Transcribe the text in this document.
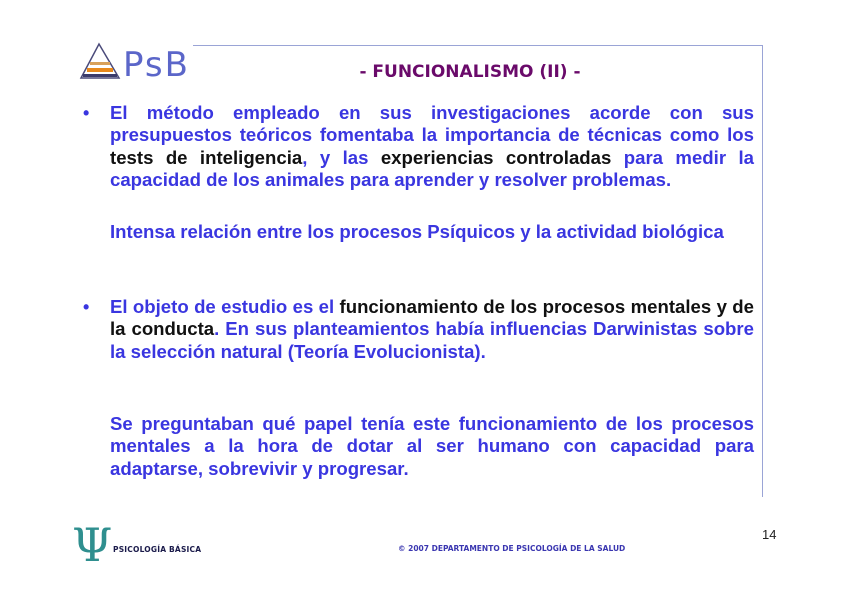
PsB	- FUNCIONALISMO (II) -
• El método empleado en sus investigaciones acorde con sus presupuestos teóricos fomentaba la importancia de técnicas como los tests de inteligencia, y las experiencias controladas para medir la capacidad de los animales para aprender y resolver problemas.

Intensa relación entre los procesos Psíquicos y la actividad biológica

• El objeto de estudio es el funcionamiento de los procesos mentales y de la conducta. En sus planteamientos había influencias Darwinistas sobre la selección natural (Teoría Evolucionista).

Se preguntaban qué papel tenía este funcionamiento de los procesos mentales a la hora de dotar al ser humano con capacidad para adaptarse, sobrevivir y progresar.

Ψ PSICOLOGÍA BÁSICA	© 2007 DEPARTAMENTO DE PSICOLOGÍA DE LA SALUD
14
